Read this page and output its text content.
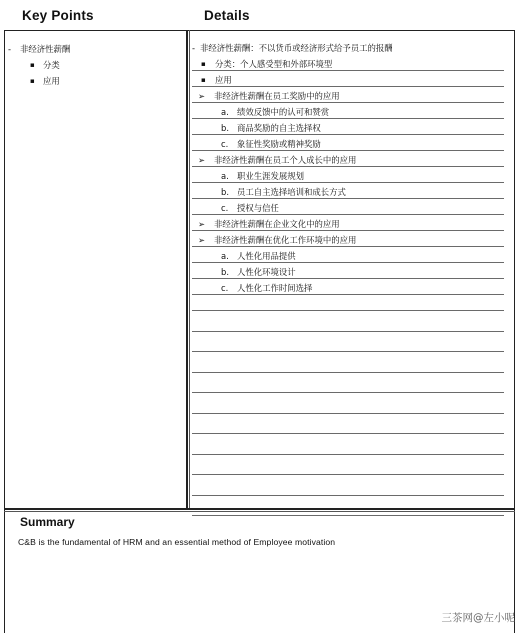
Key Points	Details
- 非经济性薪酬
▪ 分类
▪ 应用
- 非经济性薪酬：不以货币或经济形式给予员工的报酬
▪ 分类：个人感受型和外部环境型
▪ 应用
➢ 非经济性薪酬在员工奖励中的应用
a. 绩效反馈中的认可和赞赏
b. 商品奖励的自主选择权
c. 象征性奖励或精神奖励
➢ 非经济性薪酬在员工个人成长中的应用
a. 职业生涯发展规划
b. 员工自主选择培训和成长方式
c. 授权与信任
➢ 非经济性薪酬在企业文化中的应用
➢ 非经济性薪酬在优化工作环境中的应用
a. 人性化用品提供
b. 人性化环境设计
c. 人性化工作时间选择
Summary
C&B is the fundamental of HRM and an essential method of Employee motivation
三茶网@左小呢
